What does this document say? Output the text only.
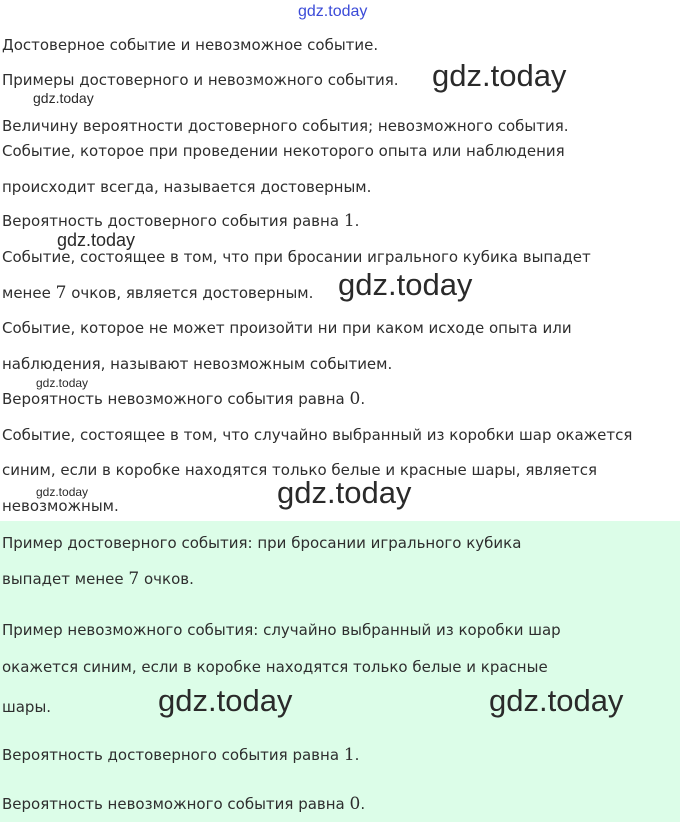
Достоверное событие и невозможное событие.
Примеры достоверного и невозможного события.
Величину вероятности достоверного события; невозможного события.
Событие, которое при проведении некоторого опыта или наблюдения
происходит всегда, называется достоверным.
Вероятность достоверного события равна 1.
Событие, состоящее в том, что при бросании игрального кубика выпадет
менее 7 очков, является достоверным.
Событие, которое не может произойти ни при каком исходе опыта или
наблюдения, называют невозможным событием.
Вероятность невозможного события равна 0.
Событие, состоящее в том, что случайно выбранный из коробки шар окажется
синим, если в коробке находятся только белые и красные шары, является
невозможным.
Пример достоверного события: при бросании игрального кубика
выпадет менее 7 очков.
Пример невозможного события: случайно выбранный из коробки шар
окажется синим, если в коробке находятся только белые и красные
шары.
Вероятность достоверного события равна 1.
Вероятность невозможного события равна 0.
gdz.today
gdz.today
gdz.today
gdz.today
gdz.today
gdz.today
gdz.today	gdz.today
gdz.today	gdz.today
